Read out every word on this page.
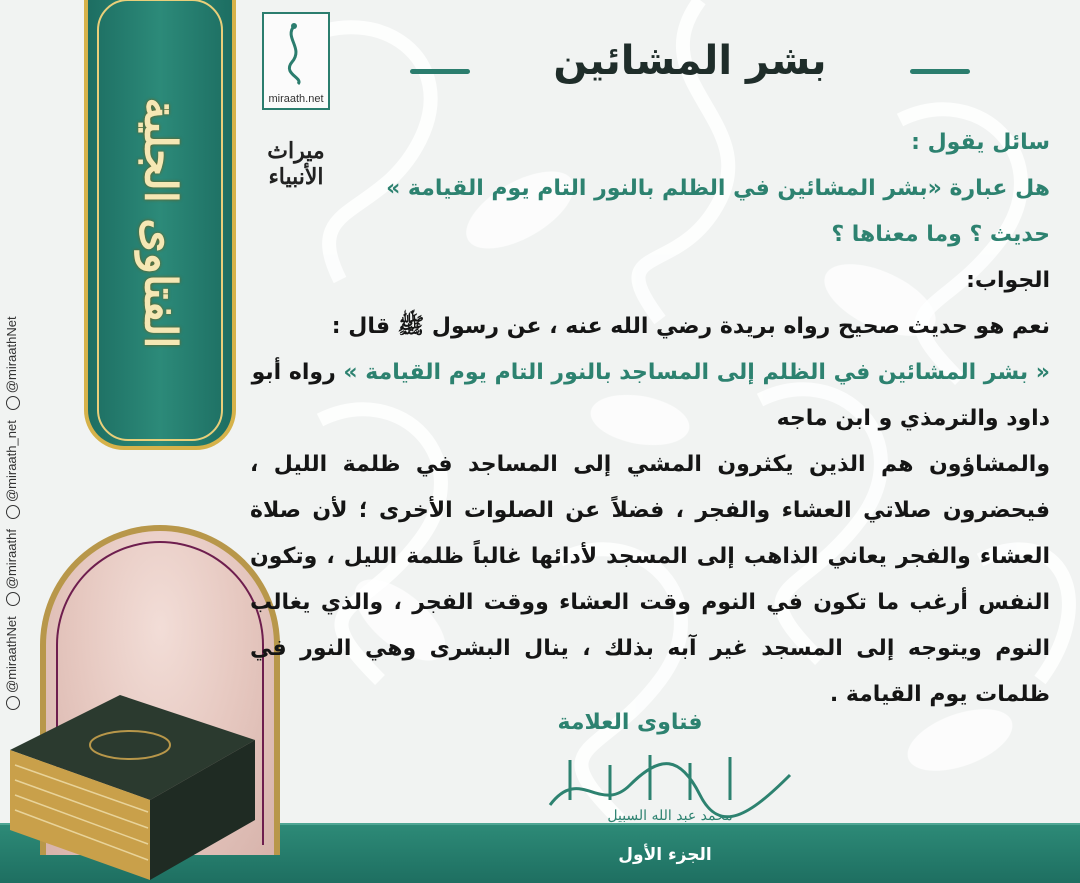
الفتاوى الجلية
@miraathNet
@miraathf
@miraath_net
@miraathNet
miraath.net
ميراث الأنبياء
بشر المشائين

سائل يقول :

هل عبارة «بشر المشائين في الظلم بالنور التام يوم القيامة »

حديث ؟ وما معناها ؟

الجواب:

نعم هو حديث صحيح رواه بريدة رضي الله عنه ، عن رسول ﷺ قال :

« بشر المشائين في الظلم إلى المساجد بالنور التام يوم القيامة » رواه أبو داود والترمذي و ابن ماجه

والمشاؤون هم الذين يكثرون المشي إلى المساجد في ظلمة الليل ، فيحضرون صلاتي العشاء والفجر ، فضلاً عن الصلوات الأخرى ؛ لأن صلاة العشاء والفجر يعاني الذاهب إلى المسجد لأدائها غالباً ظلمة الليل ، وتكون النفس أرغب ما تكون في النوم وقت العشاء ووقت الفجر ، والذي يغالب النوم ويتوجه إلى المسجد غير آبه بذلك ، ينال البشرى وهي النور في ظلمات يوم القيامة .

فتاوى العلامة
محمد عبد الله السبيل
الجزء الأول
